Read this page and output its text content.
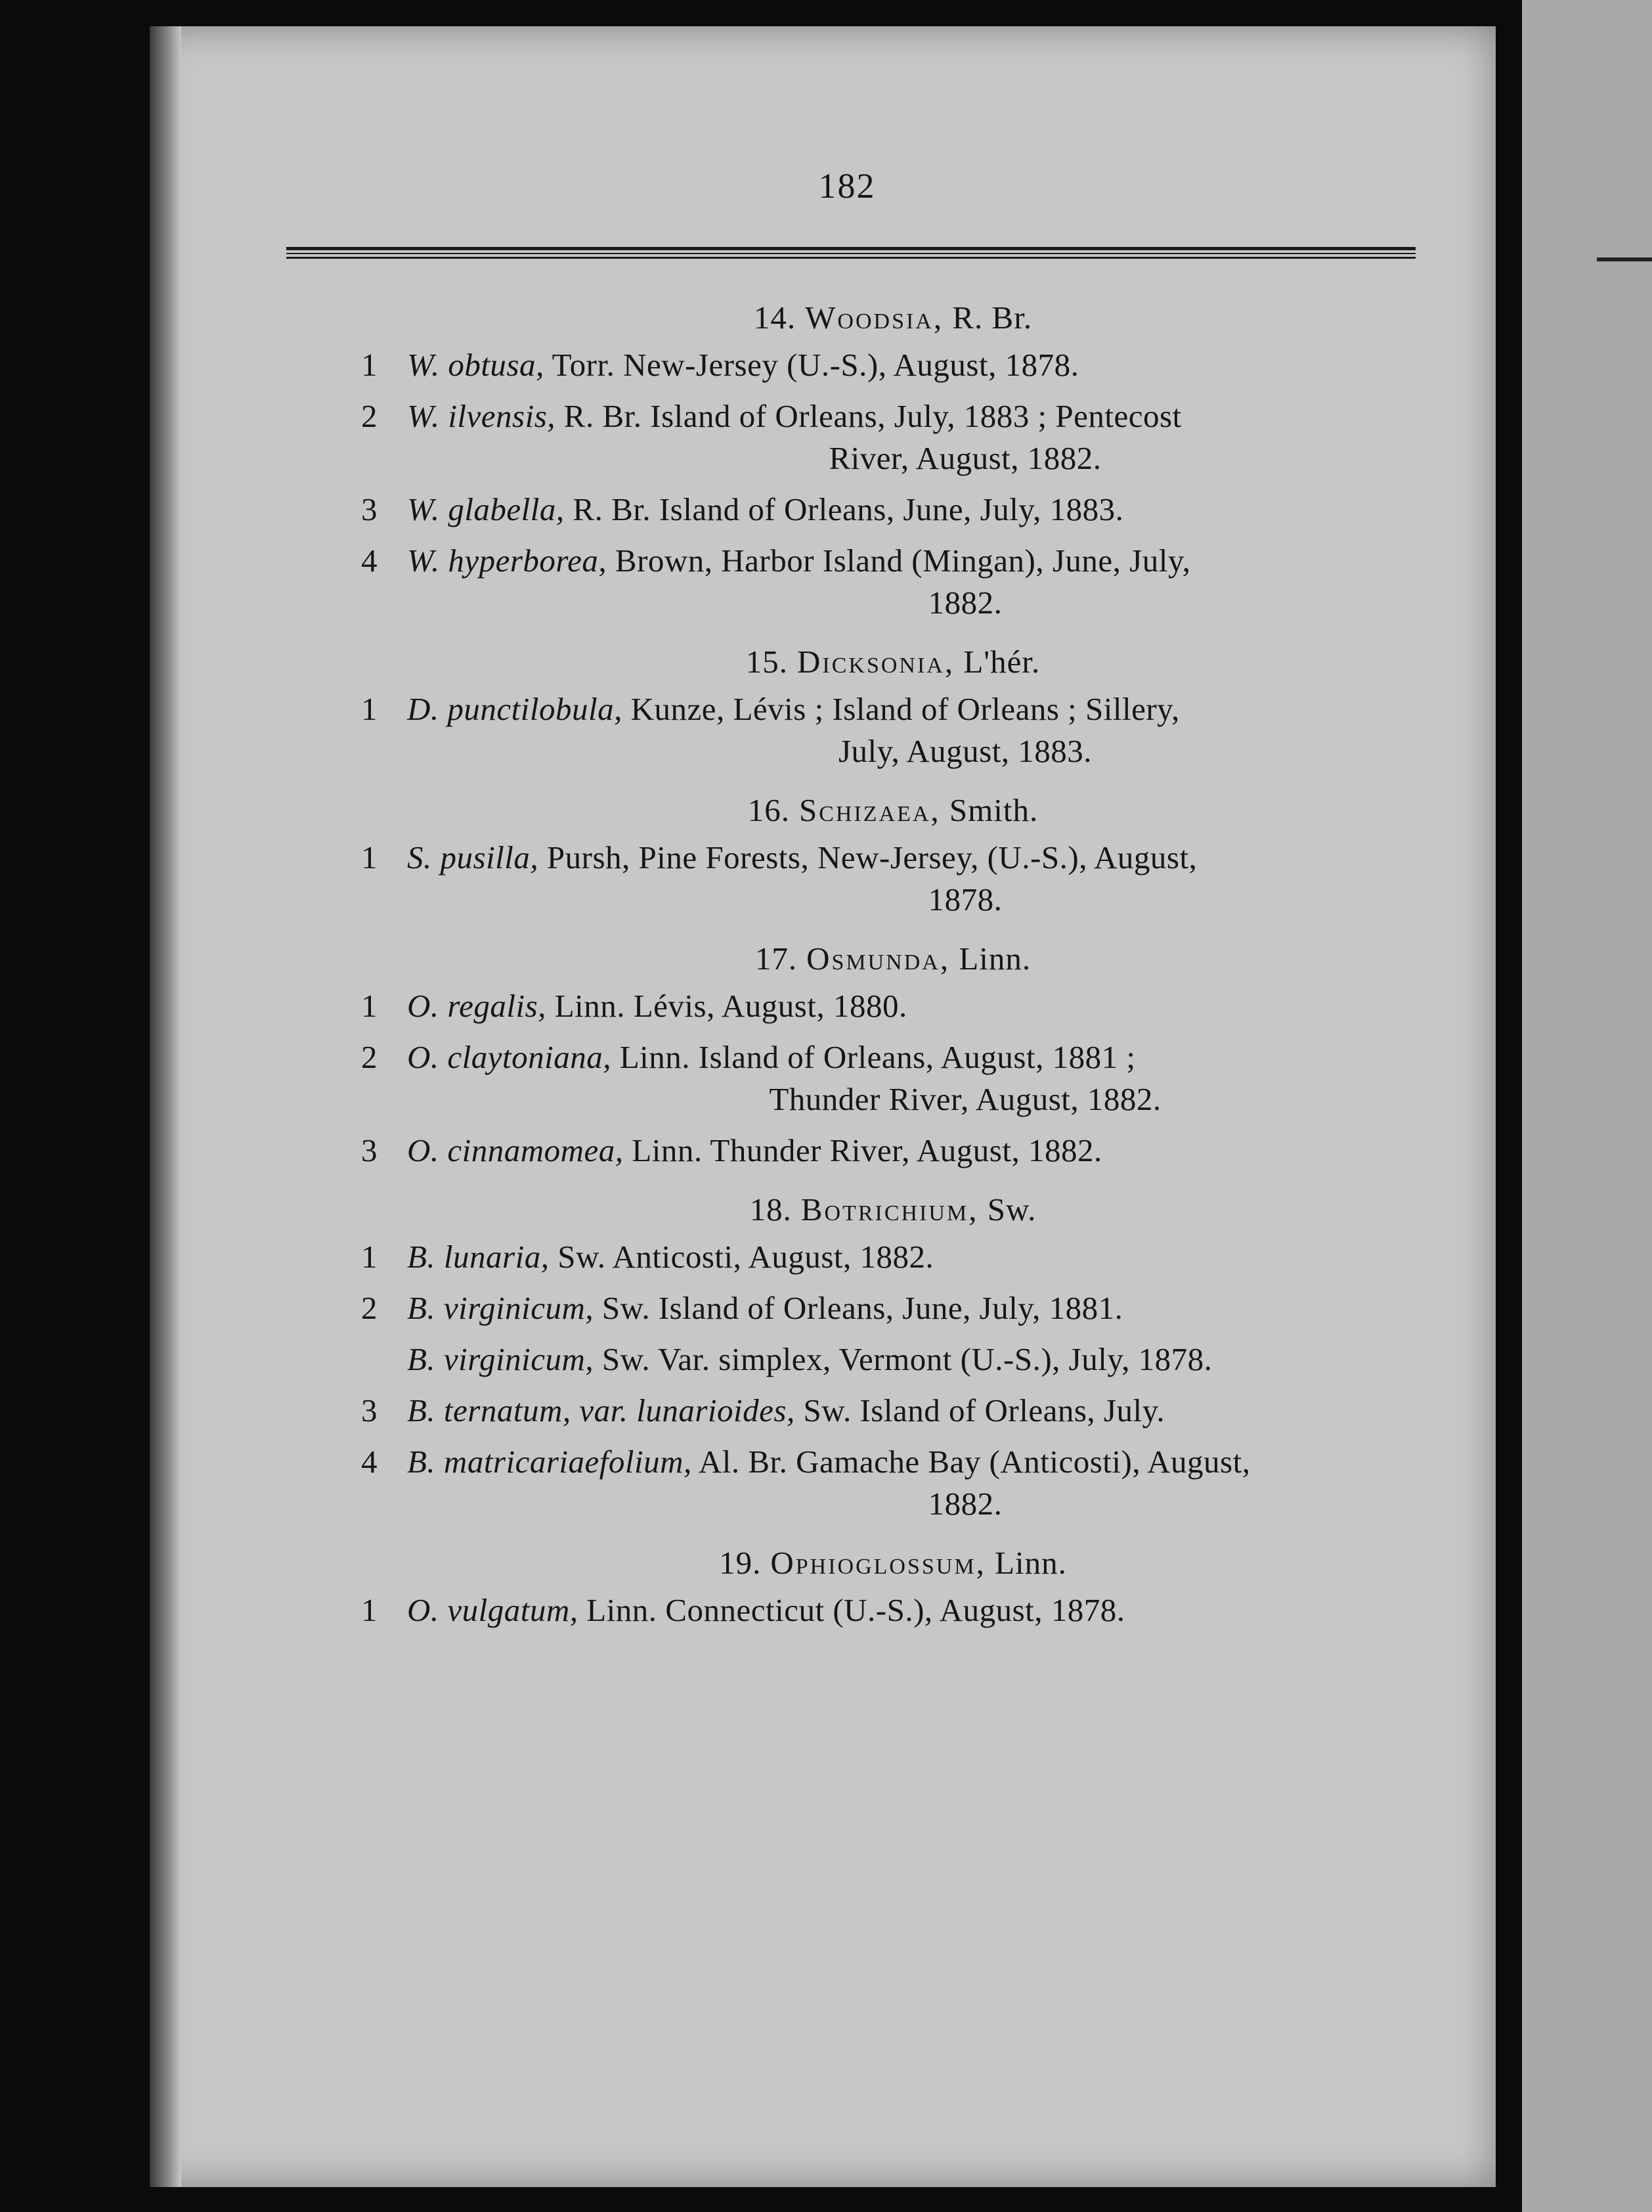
182
14. Woodsia, R. Br.
1 W. obtusa, Torr. New-Jersey (U.-S.), August, 1878.
2 W. ilvensis, R. Br. Island of Orleans, July, 1883 ; Pentecost
River, August, 1882.
3 W. glabella, R. Br. Island of Orleans, June, July, 1883.
4 W. hyperborea, Brown, Harbor Island (Mingan), June, July,
1882.
15. Dicksonia, L'hér.
1 D. punctilobula, Kunze, Lévis ; Island of Orleans ; Sillery,
July, August, 1883.
16. Schizaea, Smith.
1 S. pusilla, Pursh, Pine Forests, New-Jersey, (U.-S.), August,
1878.
17. Osmunda, Linn.
1 O. regalis, Linn. Lévis, August, 1880.
2 O. claytoniana, Linn. Island of Orleans, August, 1881 ;
Thunder River, August, 1882.
3 O. cinnamomea, Linn. Thunder River, August, 1882.
18. Botrichium, Sw.
1 B. lunaria, Sw. Anticosti, August, 1882.
2 B. virginicum, Sw. Island of Orleans, June, July, 1881.
B. virginicum, Sw. Var. simplex, Vermont (U.-S.), July, 1878.
3 B. ternatum, var. lunarioides, Sw. Island of Orleans, July.
4 B. matricariaefolium, Al. Br. Gamache Bay (Anticosti), August,
1882.
19. Ophioglossum, Linn.
1 O. vulgatum, Linn. Connecticut (U.-S.), August, 1878.
